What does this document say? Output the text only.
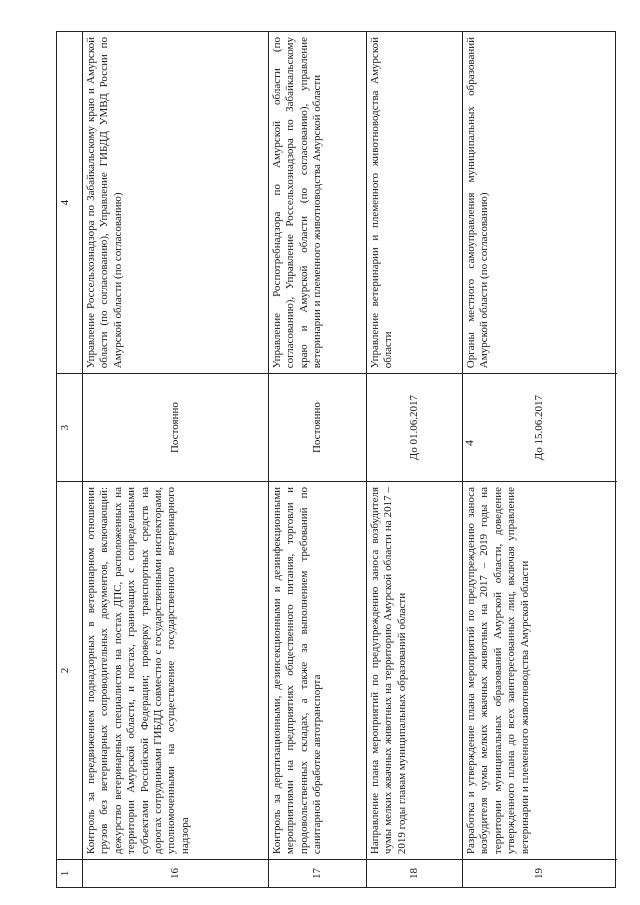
4
1
2
3
4
16
Контроль за передвижением поднадзорных в ветеринарном отношении грузов без ветеринарных сопроводительных документов, включающий: дежурство ветеринарных специалистов на постах ДПС, расположенных на территории Амурской области, и постах, граничащих с сопредельными субъектами Российской Федерации; проверку транспортных средств на дорогах сотрудниками ГИБДД совместно с государственными инспекторами, уполномоченными на осуществление государственного ветеринарного надзора
Постоянно
Управление Россельхознадзора по Забайкальскому краю и Амурской области (по согласованию), Управление ГИБДД УМВД России по Амурской области (по согласованию)
17
Контроль за дератизационными, дезинсекционными и дезинфекционными мероприятиями на предприятиях общественного питания, торговли и продовольственных складах, а также за выполнением требований по санитарной обработке автотранспорта
Постоянно
Управление Роспотребнадзора по Амурской области (по согласованию), Управление Россельхознадзора по Забайкальскому краю и Амурской области (по согласованию), управление ветеринарии и племенного животноводства Амурской области
18
Направление плана мероприятий по предупреждению заноса возбудителя чумы мелких жвачных животных на территорию Амурской области на 2017 – 2019 годы главам муниципальных образований области
До 01.06.2017
Управление ветеринарии и племенного животноводства Амурской области
19
Разработка и утверждение плана мероприятий по предупреждению заноса возбудителя чумы мелких жвачных животных на 2017 – 2019 годы на территории муниципальных образований Амурской области, доведение утвержденного плана до всех заинтересованных лиц, включая управление ветеринарии и племенного животноводства Амурской области
До 15.06.2017
Органы местного самоуправления муниципальных образований Амурской области (по согласованию)
